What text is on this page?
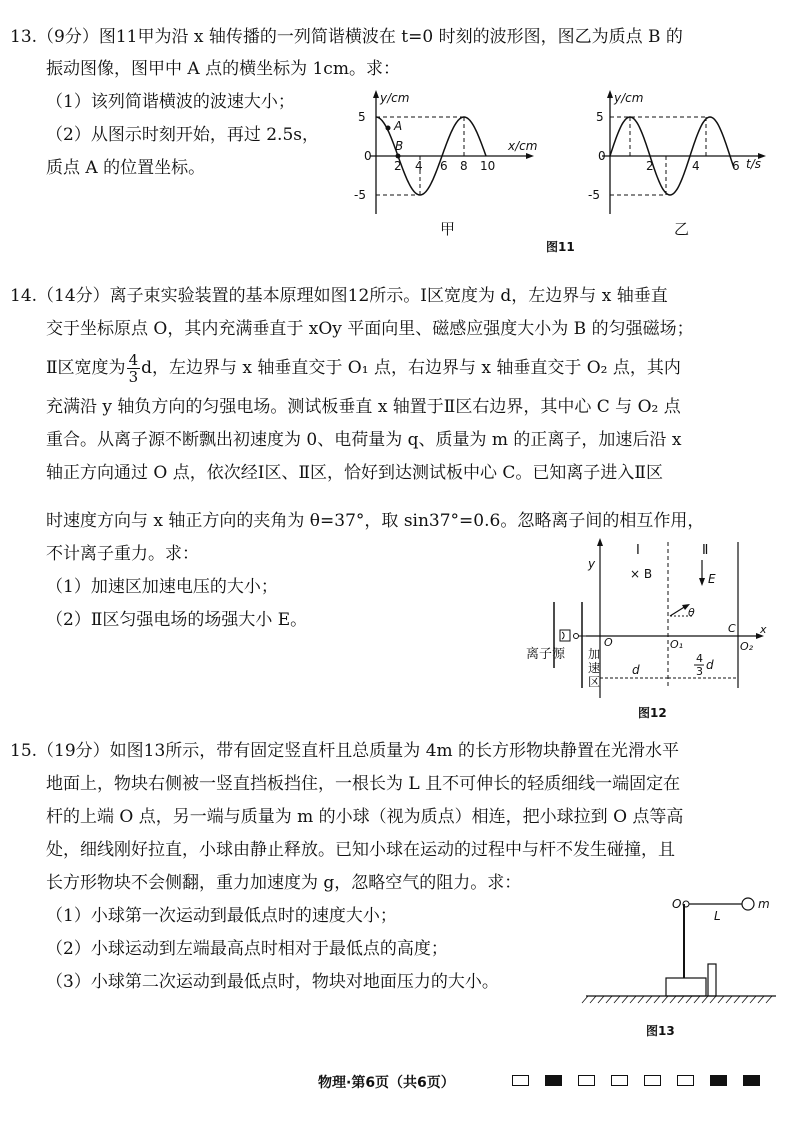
13.（9分）图11甲为沿 x 轴传播的一列简谐横波在 t=0 时刻的波形图，图乙为质点 B 的
振动图像，图甲中 A 点的横坐标为 1cm。求：
（1）该列简谐横波的波速大小；
（2）从图示时刻开始，再过 2.5s，
质点 A 的位置坐标。
y/cm
x/cm
5
0
-5
A
B
2 4 6 8 10
甲
y/cm
t/s
5
0
-5
2	4	6
乙
图11
14.（14分）离子束实验装置的基本原理如图12所示。Ⅰ区宽度为 d，左边界与 x 轴垂直
交于坐标原点 O，其内充满垂直于 xOy 平面向里、磁感应强度大小为 B 的匀强磁场；
Ⅱ区宽度为 $\frac{4}{3}$ d，左边界与 x 轴垂直交于 O₁ 点，右边界与 x 轴垂直交于 O₂ 点，其内
充满沿 y 轴负方向的匀强电场。测试板垂直 x 轴置于Ⅱ区右边界，其中心 C 与 O₂ 点
重合。从离子源不断飘出初速度为 0、电荷量为 q、质量为 m 的正离子，加速后沿 x
轴正方向通过 O 点，依次经Ⅰ区、Ⅱ区，恰好到达测试板中心 C。已知离子进入Ⅱ区
时速度方向与 x 轴正方向的夹角为 θ=37°，取 sin37°=0.6。忽略离子间的相互作用，
不计离子重力。求：
（1）加速区加速电压的大小；
（2）Ⅱ区匀强电场的场强大小 E。
y
x
Ⅰ
× B
Ⅱ
E
θ
O	O₁	O₂
C
离子源 加
速
区
d
4
3 d
图12
15.（19分）如图13所示，带有固定竖直杆且总质量为 4m 的长方形物块静置在光滑水平
地面上，物块右侧被一竖直挡板挡住，一根长为 L 且不可伸长的轻质细线一端固定在
杆的上端 O 点，另一端与质量为 m 的小球（视为质点）相连，把小球拉到 O 点等高
处，细线刚好拉直，小球由静止释放。已知小球在运动的过程中与杆不发生碰撞，且
长方形物块不会侧翻，重力加速度为 g，忽略空气的阻力。求：
（1）小球第一次运动到最低点时的速度大小；
（2）小球运动到左端最高点时相对于最低点的高度；
（3）小球第二次运动到最低点时，物块对地面压力的大小。
O	m
L
图13
物理·第6页（共6页）
